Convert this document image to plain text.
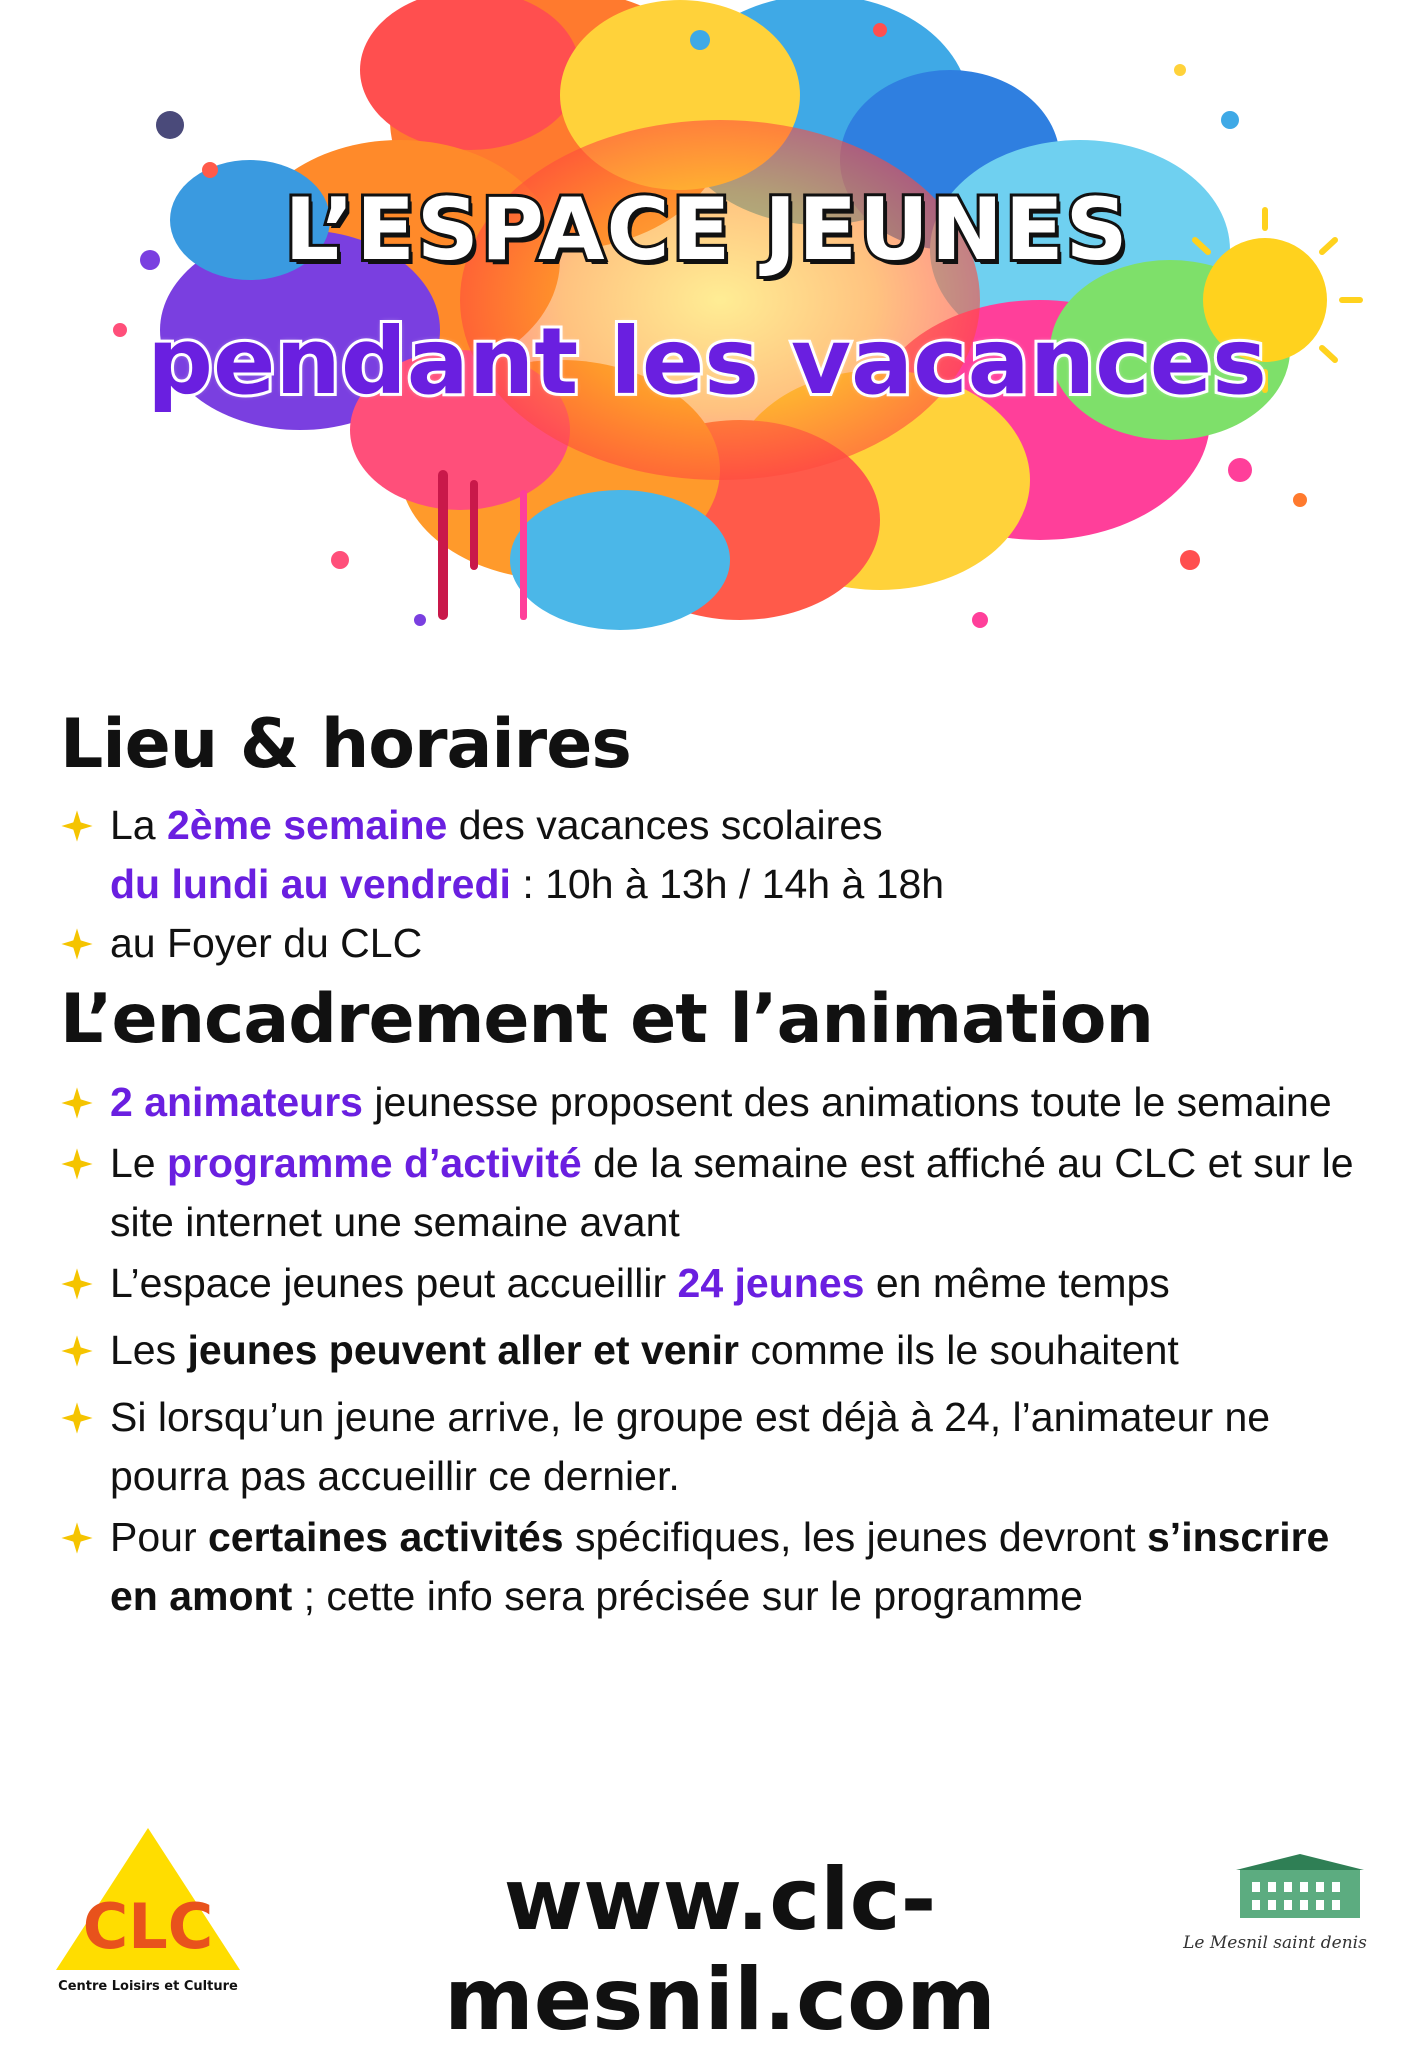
L’ESPACE JEUNES
pendant les vacances
Lieu & horaires
La 2ème semaine des vacances scolaires
du lundi au vendredi : 10h à 13h / 14h à 18h
au Foyer du CLC
L’encadrement et l’animation
2 animateurs jeunesse proposent des animations toute le semaine
Le programme d’activité de la semaine est affiché au CLC et sur le site internet une semaine avant
L’espace jeunes peut accueillir 24 jeunes en même temps
Les jeunes peuvent aller et venir comme ils le souhaitent
Si lorsqu’un jeune arrive, le groupe est déjà à 24, l’animateur ne pourra pas accueillir ce dernier.
Pour certaines activités spécifiques, les jeunes devront s’inscrire en amont ; cette info sera précisée sur le programme
CLC
Centre Loisirs et Culture
www.clc-mesnil.com
Le Mesnil saint denis
